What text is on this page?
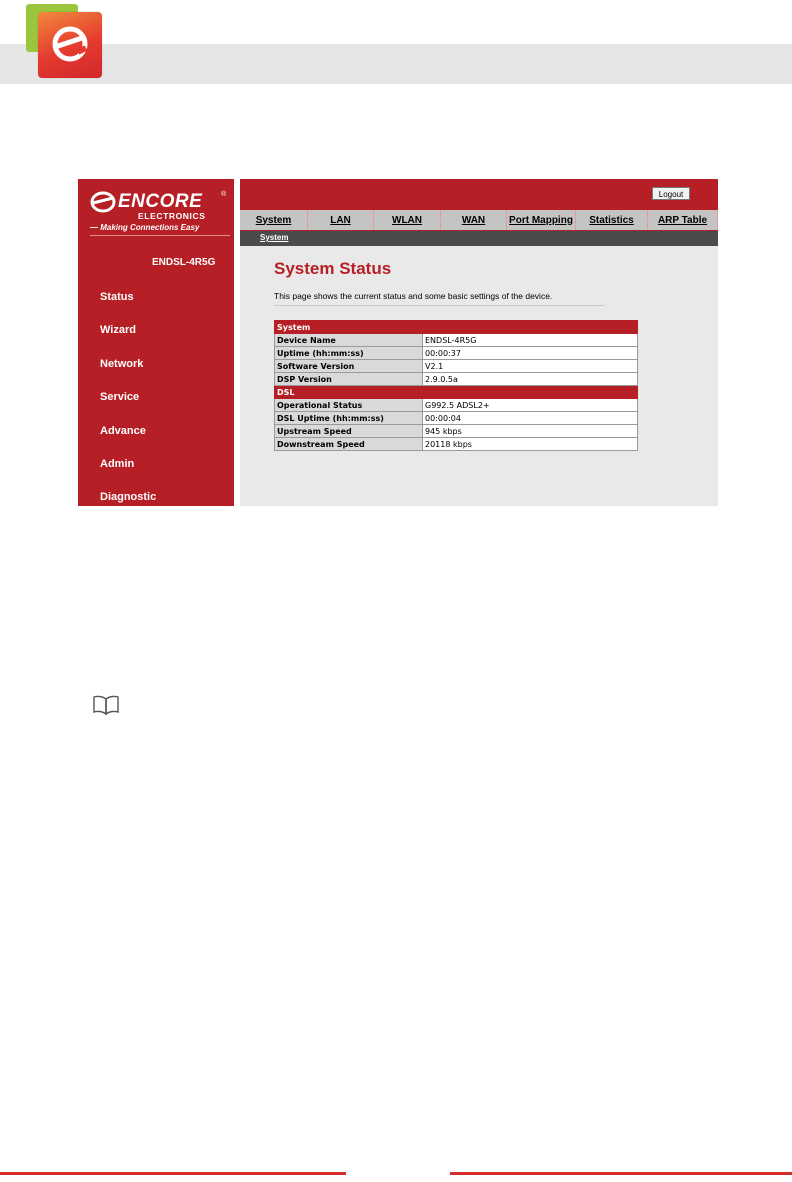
ENCORE	®
ELECTRONICS
— Making Connections Easy
ENDSL-4R5G
Status
Wizard
Network
Service
Advance
Admin
Diagnostic
Logout
System	LAN	WLAN	WAN	Port Mapping	Statistics	ARP Table
System
System Status

This page shows the current status and some basic settings of the device.

System	
Device Name	ENDSL-4R5G
Uptime (hh:mm:ss)	00:00:37
Software Version	V2.1
DSP Version	2.9.0.5a
DSL	
Operational Status	G992.5 ADSL2+
DSL Uptime (hh:mm:ss)	00:00:04
Upstream Speed	945 kbps
Downstream Speed	20118 kbps
